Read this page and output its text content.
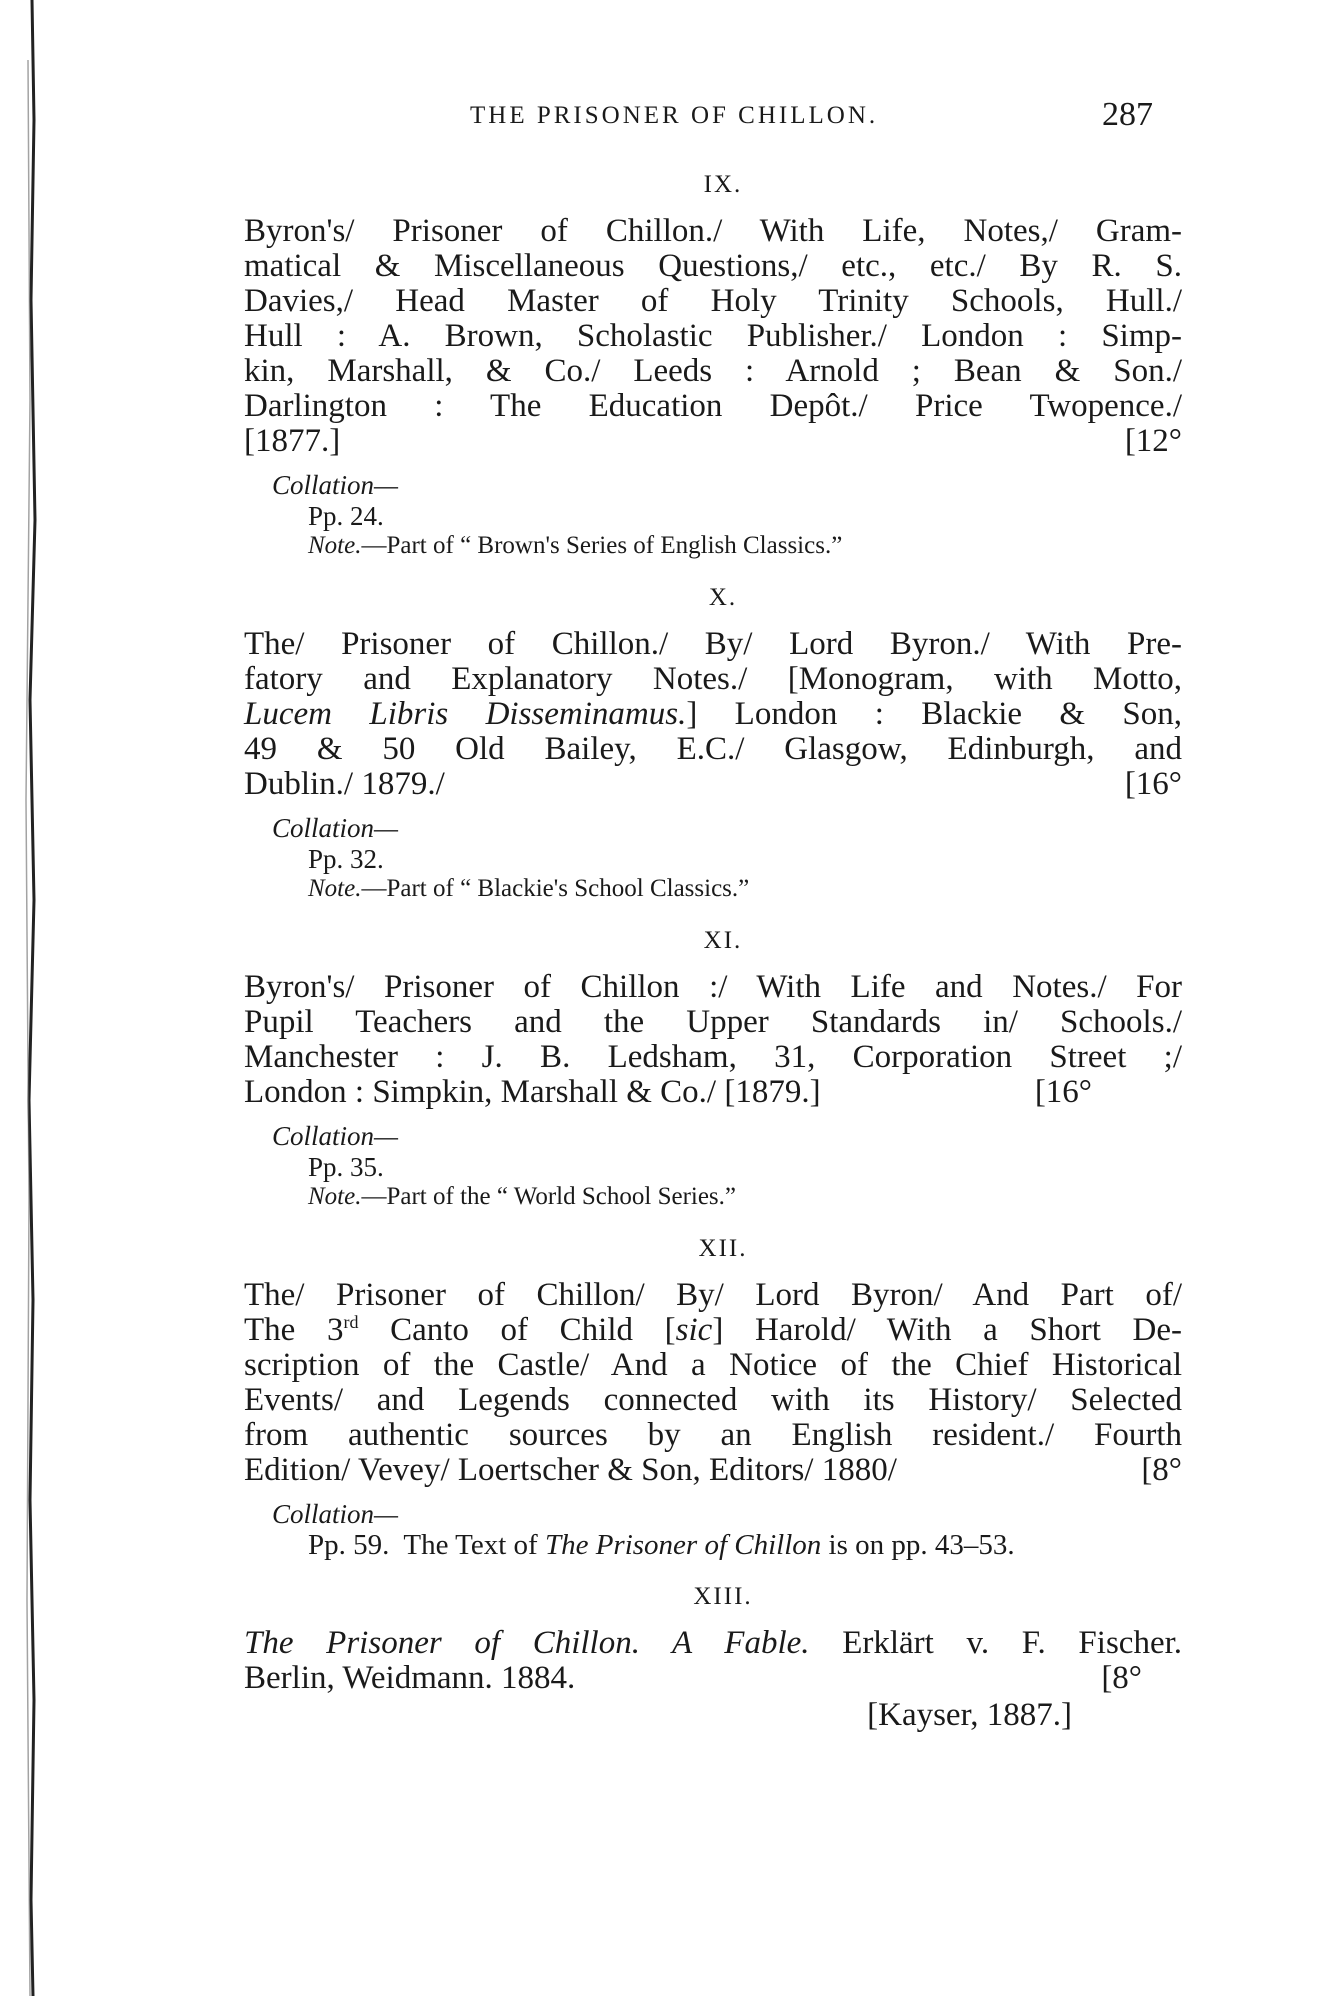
THE PRISONER OF CHILLON.	287
IX.
Byron's/ Prisoner of Chillon./ With Life, Notes,/ Gram-
matical & Miscellaneous Questions,/ etc., etc./ By R. S.
Davies,/ Head Master of Holy Trinity Schools, Hull./
Hull : A. Brown, Scholastic Publisher./ London : Simp-
kin, Marshall, & Co./ Leeds : Arnold ; Bean & Son./
Darlington : The Education Depôt./ Price Twopence./
[1877.]	[12°
Collation—
Pp. 24.
Note.—Part of “ Brown's Series of English Classics.”
X.
The/ Prisoner of Chillon./ By/ Lord Byron./ With Pre-
fatory and Explanatory Notes./ [Monogram, with Motto,
Lucem Libris Disseminamus.] London : Blackie & Son,
49 & 50 Old Bailey, E.C./ Glasgow, Edinburgh, and
Dublin./ 1879./	[16°
Collation—
Pp. 32.
Note.—Part of “ Blackie's School Classics.”
XI.
Byron's/ Prisoner of Chillon :/ With Life and Notes./ For
Pupil Teachers and the Upper Standards in/ Schools./
Manchester : J. B. Ledsham, 31, Corporation Street ;/
London : Simpkin, Marshall & Co./ [1879.]	[16°
Collation—
Pp. 35.
Note.—Part of the “ World School Series.”
XII.
The/ Prisoner of Chillon/ By/ Lord Byron/ And Part of/
The 3rd Canto of Child [sic] Harold/ With a Short De-
scription of the Castle/ And a Notice of the Chief Historical
Events/ and Legends connected with its History/ Selected
from authentic sources by an English resident./ Fourth
Edition/ Vevey/ Loertscher & Son, Editors/ 1880/	[8°
Collation—
Pp. 59. The Text of The Prisoner of Chillon is on pp. 43–53.
XIII.
The Prisoner of Chillon. A Fable. Erklärt v. F. Fischer.
Berlin, Weidmann. 1884.	[8°
[Kayser, 1887.]
